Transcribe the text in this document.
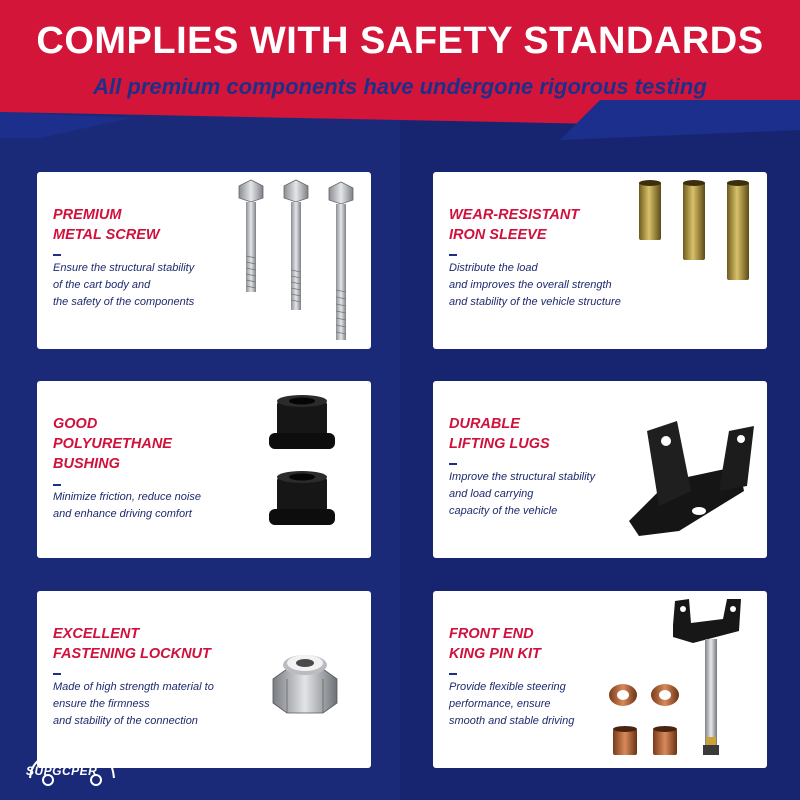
COMPLIES WITH SAFETY STANDARDS
All premium components have undergone rigorous testing
PREMIUM
METAL SCREW
Ensure the structural stability
of the cart body and
the safety of the components
WEAR-RESISTANT
IRON SLEEVE
Distribute the load
and improves the overall strength
and stability of the vehicle structure
GOOD
POLYURETHANE
BUSHING
Minimize friction, reduce noise
and enhance driving comfort
DURABLE
LIFTING LUGS
Improve the structural stability
and load carrying
capacity of the vehicle
EXCELLENT
FASTENING LOCKNUT
Made of high strength material to
ensure the firmness
and stability of the connection
FRONT END
KING PIN KIT
Provide flexible steering
performance, ensure
smooth and stable driving
SUPGCPER
